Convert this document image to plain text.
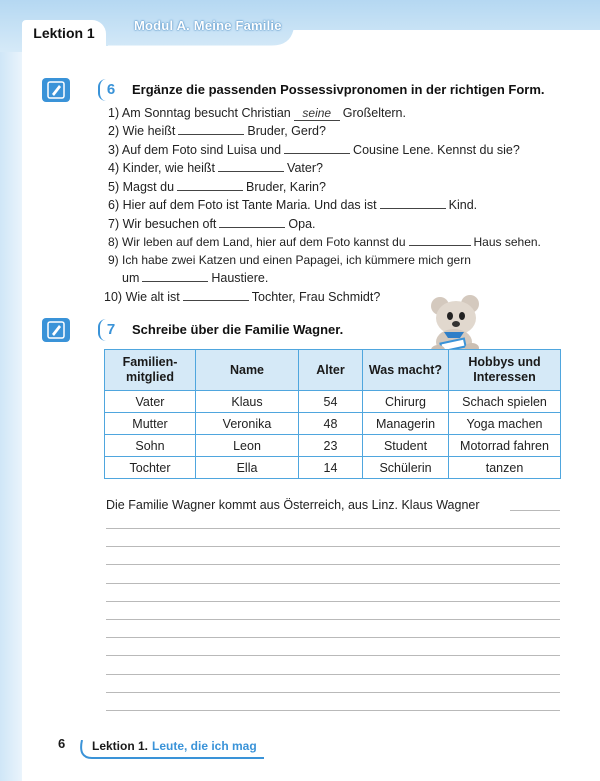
Lektion 1	Modul A. Meine Familie
6	Ergänze die passenden Possessivpronomen in der richtigen Form.
1) Am Sonntag besucht Christian seine Großeltern.
2) Wie heißt	Bruder, Gerd?
3) Auf dem Foto sind Luisa und	Cousine Lene. Kennst du sie?
4) Kinder, wie heißt	Vater?
5) Magst du	Bruder, Karin?
6) Hier auf dem Foto ist Tante Maria. Und das ist	Kind.
7) Wir besuchen oft	Opa.
8) Wir leben auf dem Land, hier auf dem Foto kannst du	Haus sehen.
9) Ich habe zwei Katzen und einen Papagei, ich kümmere mich gern
um	Haustiere.
10) Wie alt ist	Tochter, Frau Schmidt?
7	Schreibe über die Familie Wagner.
Familien-
mitglied	Name	Alter	Was macht?	Hobbys und
Interessen
Vater	Klaus	54	Chirurg	Schach spielen
Mutter	Veronika	48	Managerin	Yoga machen
Sohn	Leon	23	Student	Motorrad fahren
Tochter	Ella	14	Schülerin	tanzen
Die Familie Wagner kommt aus Österreich, aus Linz. Klaus Wagner
6 Lektion 1. Leute, die ich mag
